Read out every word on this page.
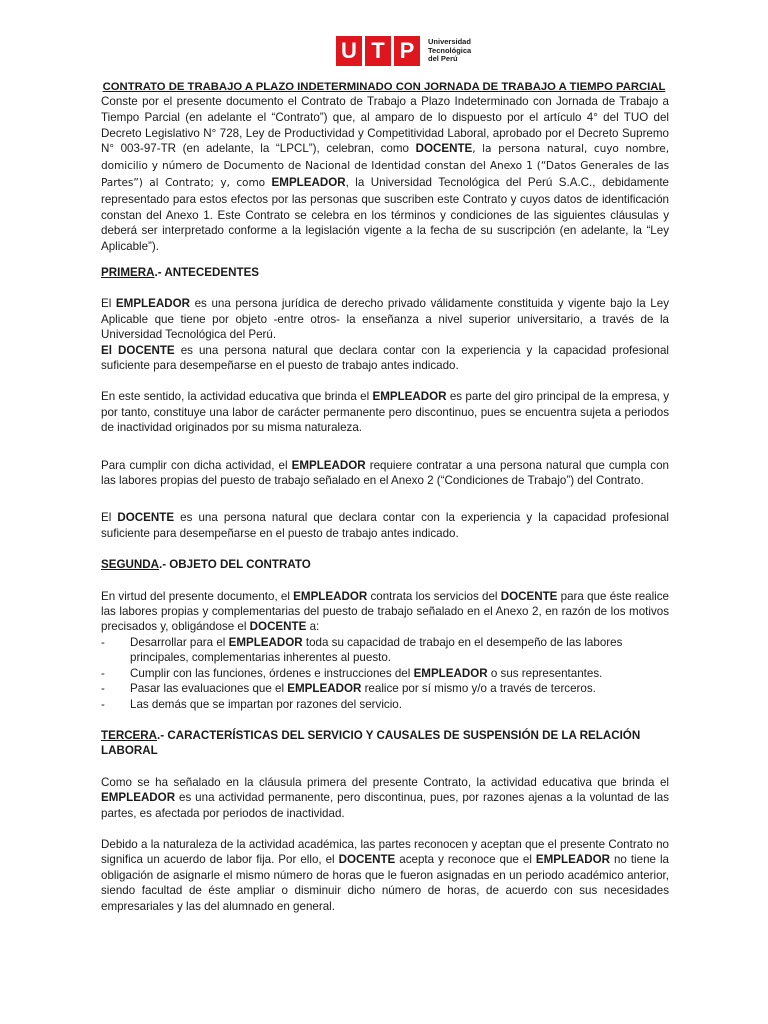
U T P	Universidad
Tecnológica
del Perú
CONTRATO DE TRABAJO A PLAZO INDETERMINADO CON JORNADA DE TRABAJO A TIEMPO PARCIAL

Conste por el presente documento el Contrato de Trabajo a Plazo Indeterminado con Jornada de Trabajo a Tiempo Parcial (en adelante el “Contrato”) que, al amparo de lo dispuesto por el artículo 4° del TUO del Decreto Legislativo N° 728, Ley de Productividad y Competitividad Laboral, aprobado por el Decreto Supremo N° 003-97-TR (en adelante, la “LPCL”), celebran, como DOCENTE, la persona natural, cuyo nombre, domicilio y número de Documento de Nacional de Identidad constan del Anexo 1 (“Datos Generales de las Partes”) al Contrato; y, como EMPLEADOR, la Universidad Tecnológica del Perú S.A.C., debidamente representado para estos efectos por las personas que suscriben este Contrato y cuyos datos de identificación constan del Anexo 1. Este Contrato se celebra en los términos y condiciones de las siguientes cláusulas y deberá ser interpretado conforme a la legislación vigente a la fecha de su suscripción (en adelante, la “Ley Aplicable”).

PRIMERA.- ANTECEDENTES

El EMPLEADOR es una persona jurídica de derecho privado válidamente constituida y vigente bajo la Ley Aplicable que tiene por objeto -entre otros- la enseñanza a nivel superior universitario, a través de la Universidad Tecnológica del Perú.

El DOCENTE es una persona natural que declara contar con la experiencia y la capacidad profesional suficiente para desempeñarse en el puesto de trabajo antes indicado.

En este sentido, la actividad educativa que brinda el EMPLEADOR es parte del giro principal de la empresa, y por tanto, constituye una labor de carácter permanente pero discontinuo, pues se encuentra sujeta a periodos de inactividad originados por su misma naturaleza.

Para cumplir con dicha actividad, el EMPLEADOR requiere contratar a una persona natural que cumpla con las labores propias del puesto de trabajo señalado en el Anexo 2 (“Condiciones de Trabajo”) del Contrato.

El DOCENTE es una persona natural que declara contar con la experiencia y la capacidad profesional suficiente para desempeñarse en el puesto de trabajo antes indicado.

SEGUNDA.- OBJETO DEL CONTRATO

En virtud del presente documento, el EMPLEADOR contrata los servicios del DOCENTE para que éste realice las labores propias y complementarias del puesto de trabajo señalado en el Anexo 2, en razón de los motivos precisados y, obligándose el DOCENTE a:

- Desarrollar para el EMPLEADOR toda su capacidad de trabajo en el desempeño de las labores principales, complementarias inherentes al puesto.
- Cumplir con las funciones, órdenes e instrucciones del EMPLEADOR o sus representantes.
- Pasar las evaluaciones que el EMPLEADOR realice por sí mismo y/o a través de terceros.
- Las demás que se impartan por razones del servicio.
TERCERA.- CARACTERÍSTICAS DEL SERVICIO Y CAUSALES DE SUSPENSIÓN DE LA RELACIÓN LABORAL

Como se ha señalado en la cláusula primera del presente Contrato, la actividad educativa que brinda el EMPLEADOR es una actividad permanente, pero discontinua, pues, por razones ajenas a la voluntad de las partes, es afectada por periodos de inactividad.

Debido a la naturaleza de la actividad académica, las partes reconocen y aceptan que el presente Contrato no significa un acuerdo de labor fija. Por ello, el DOCENTE acepta y reconoce que el EMPLEADOR no tiene la obligación de asignarle el mismo número de horas que le fueron asignadas en un periodo académico anterior, siendo facultad de éste ampliar o disminuir dicho número de horas, de acuerdo con sus necesidades empresariales y las del alumnado en general.
